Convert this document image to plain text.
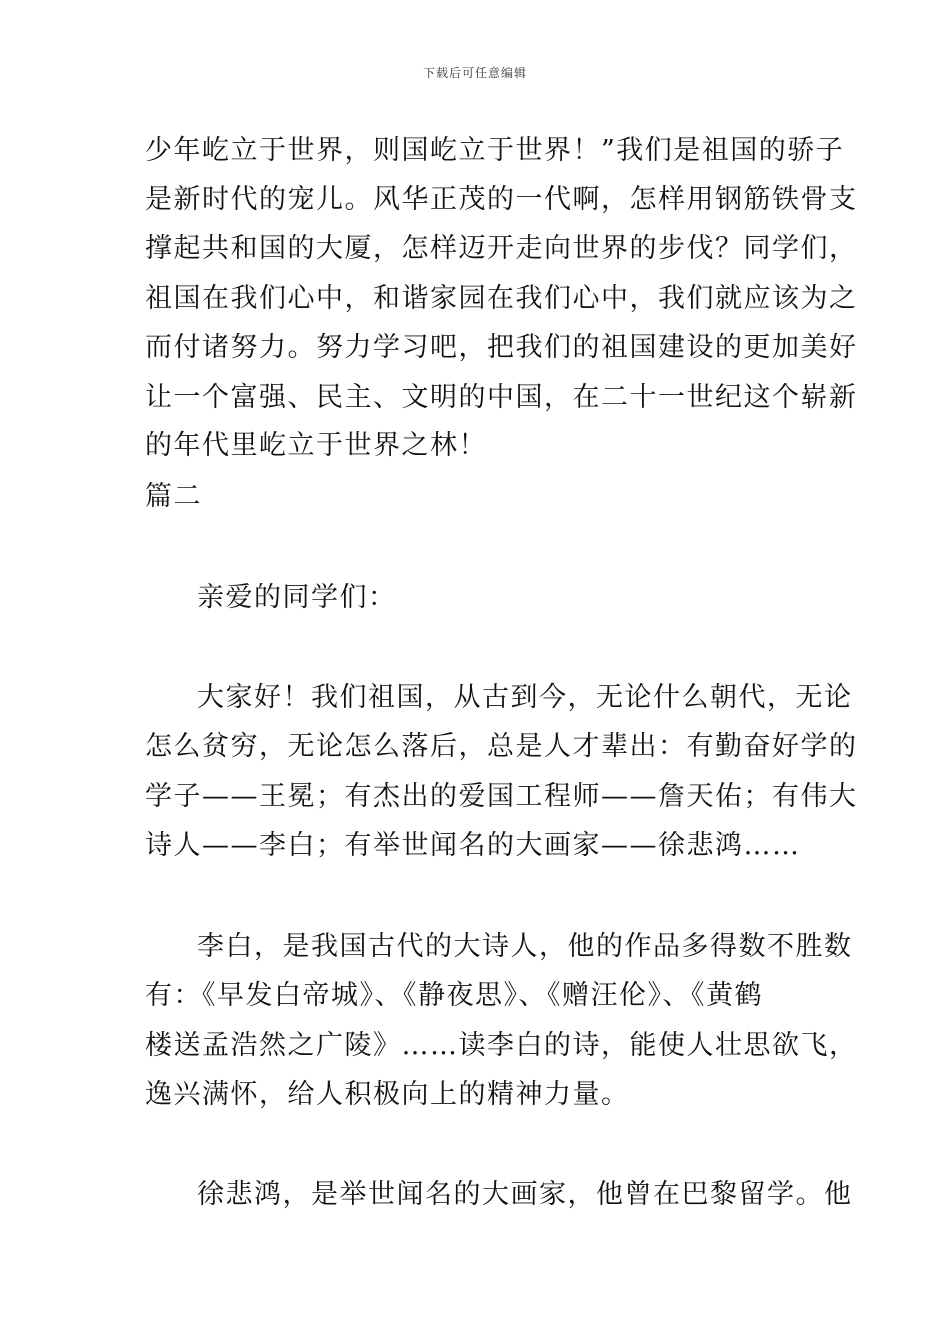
下载后可任意编辑
少年屹立于世界，则国屹立于世界！”我们是祖国的骄子
是新时代的宠儿。风华正茂的一代啊，怎样用钢筋铁骨支
撑起共和国的大厦，怎样迈开走向世界的步伐？同学们，
祖国在我们心中，和谐家园在我们心中，我们就应该为之
而付诸努力。努力学习吧，把我们的祖国建设的更加美好
让一个富强、民主、文明的中国，在二十一世纪这个崭新
的年代里屹立于世界之林！
篇二
亲爱的同学们：
大家好！我们祖国，从古到今，无论什么朝代，无论
怎么贫穷，无论怎么落后，总是人才辈出：有勤奋好学的
学子——王冕；有杰出的爱国工程师——詹天佑；有伟大
诗人——李白；有举世闻名的大画家——徐悲鸿……
李白，是我国古代的大诗人，他的作品多得数不胜数
有：《早发白帝城》、《静夜思》、《赠汪伦》、《黄鹤
楼送孟浩然之广陵》……读李白的诗，能使人壮思欲飞，
逸兴满怀，给人积极向上的精神力量。
徐悲鸿，是举世闻名的大画家，他曾在巴黎留学。他
